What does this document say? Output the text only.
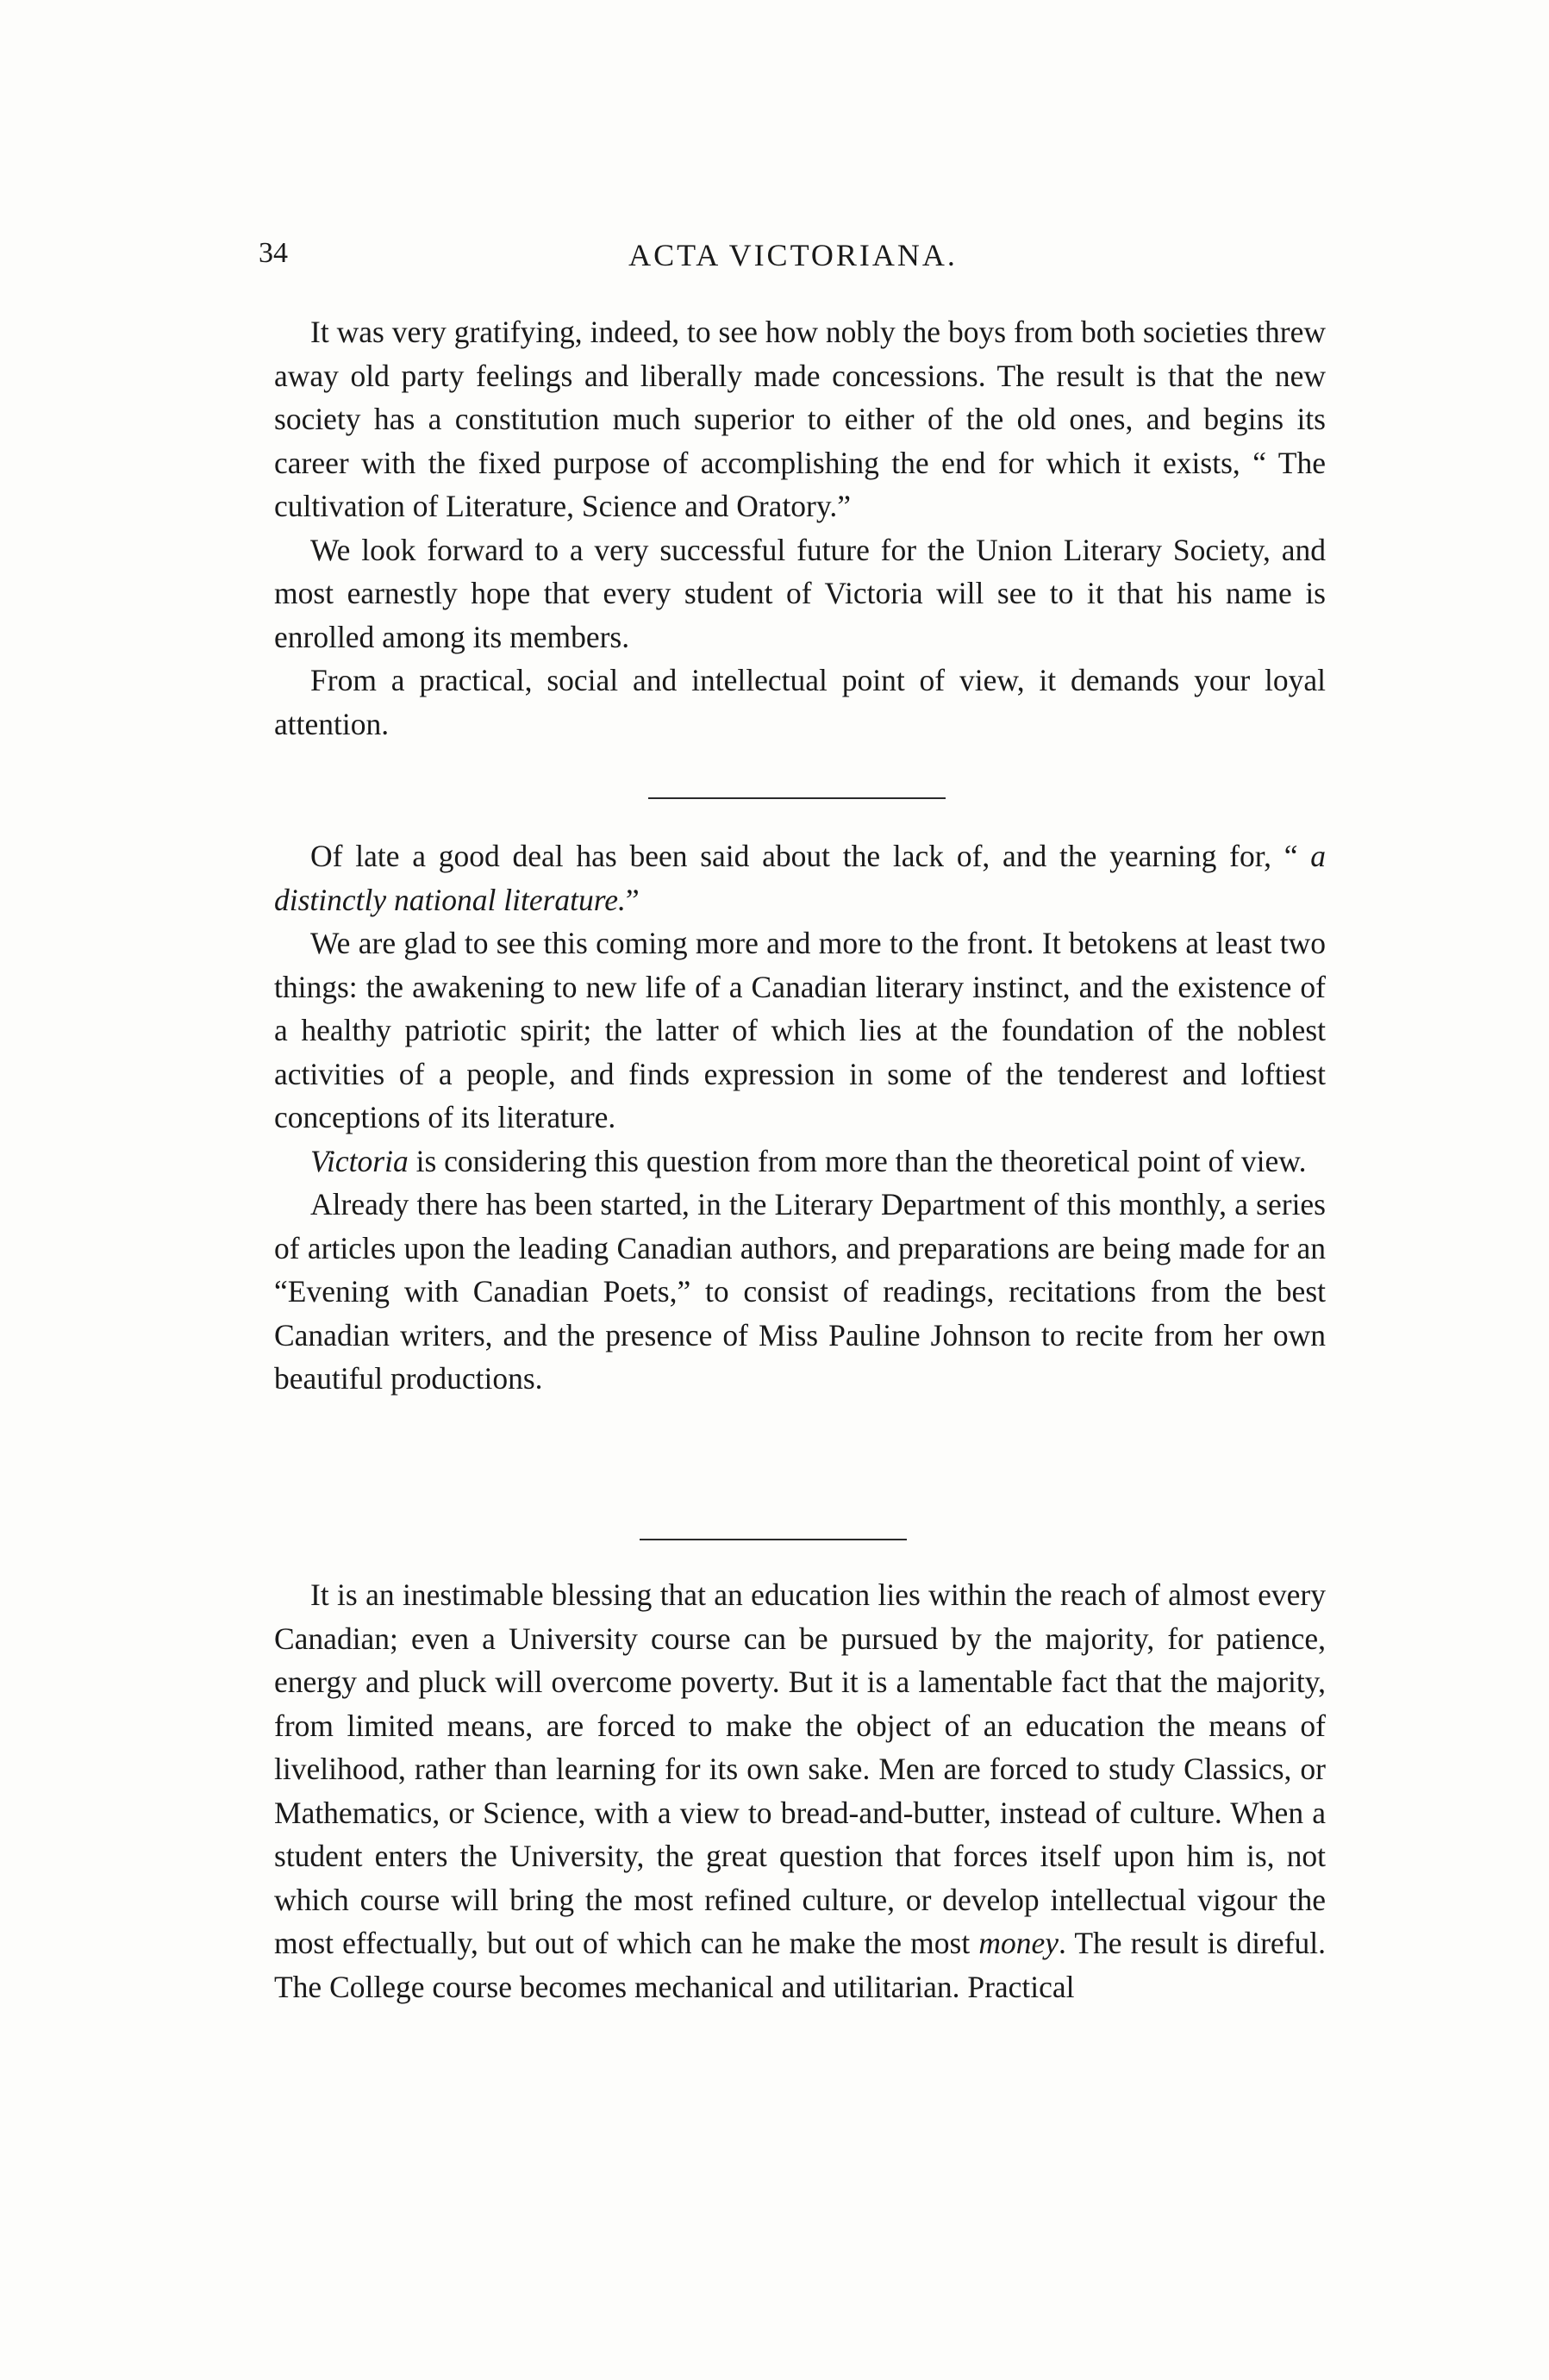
34	ACTA VICTORIANA.

It was very gratifying, indeed, to see how nobly the boys from both societies threw away old party feelings and liberally made concessions. The result is that the new society has a constitution much superior to either of the old ones, and begins its career with the fixed purpose of accomplishing the end for which it exists, “ The cultivation of Literature, Science and Oratory.”

We look forward to a very successful future for the Union Literary Society, and most earnestly hope that every student of Victoria will see to it that his name is enrolled among its members.

From a practical, social and intellectual point of view, it demands your loyal attention.

Of late a good deal has been said about the lack of, and the yearning for, “ a distinctly national literature.”

We are glad to see this coming more and more to the front. It betokens at least two things: the awakening to new life of a Canadian literary instinct, and the existence of a healthy patriotic spirit; the latter of which lies at the foundation of the noblest activities of a people, and finds expression in some of the tenderest and loftiest conceptions of its literature.

Victoria is considering this question from more than the theoretical point of view.

Already there has been started, in the Literary Department of this monthly, a series of articles upon the leading Canadian authors, and preparations are being made for an “Evening with Canadian Poets,” to consist of readings, recitations from the best Canadian writers, and the presence of Miss Pauline Johnson to recite from her own beautiful productions.

It is an inestimable blessing that an education lies within the reach of almost every Canadian; even a University course can be pursued by the majority, for patience, energy and pluck will overcome poverty. But it is a lamentable fact that the majority, from limited means, are forced to make the object of an education the means of livelihood, rather than learning for its own sake. Men are forced to study Classics, or Mathematics, or Science, with a view to bread-and-butter, instead of culture. When a student enters the University, the great question that forces itself upon him is, not which course will bring the most refined culture, or develop intellectual vigour the most effectually, but out of which can he make the most money. The result is direful. The College course becomes mechanical and utilitarian. Practical
